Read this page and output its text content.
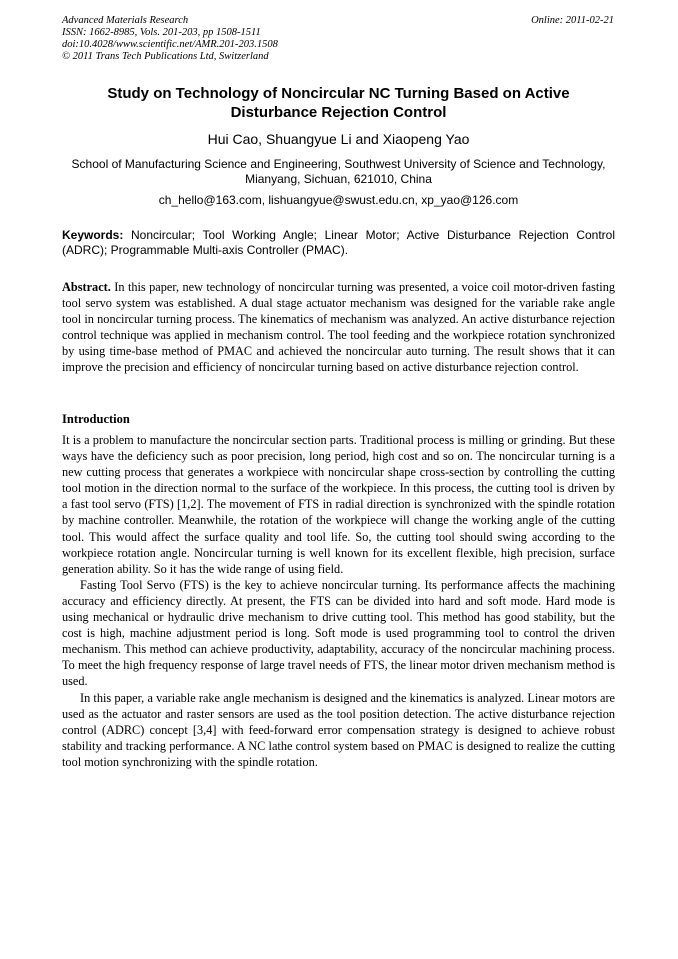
Advanced Materials Research
ISSN: 1662-8985, Vols. 201-203, pp 1508-1511
doi:10.4028/www.scientific.net/AMR.201-203.1508
© 2011 Trans Tech Publications Ltd, Switzerland
Online: 2011-02-21
Study on Technology of Noncircular NC Turning Based on Active Disturbance Rejection Control
Hui Cao, Shuangyue Li and Xiaopeng Yao
School of Manufacturing Science and Engineering, Southwest University of Science and Technology, Mianyang, Sichuan, 621010, China
ch_hello@163.com, lishuangyue@swust.edu.cn, xp_yao@126.com
Keywords: Noncircular; Tool Working Angle; Linear Motor; Active Disturbance Rejection Control (ADRC); Programmable Multi-axis Controller (PMAC).
Abstract. In this paper, new technology of noncircular turning was presented, a voice coil motor-driven fasting tool servo system was established. A dual stage actuator mechanism was designed for the variable rake angle tool in noncircular turning process. The kinematics of mechanism was analyzed. An active disturbance rejection control technique was applied in mechanism control. The tool feeding and the workpiece rotation synchronized by using time-base method of PMAC and achieved the noncircular auto turning. The result shows that it can improve the precision and efficiency of noncircular turning based on active disturbance rejection control.
Introduction

It is a problem to manufacture the noncircular section parts. Traditional process is milling or grinding. But these ways have the deficiency such as poor precision, long period, high cost and so on. The noncircular turning is a new cutting process that generates a workpiece with noncircular shape cross-section by controlling the cutting tool motion in the direction normal to the surface of the workpiece. In this process, the cutting tool is driven by a fast tool servo (FTS) [1,2]. The movement of FTS in radial direction is synchronized with the spindle rotation by machine controller. Meanwhile, the rotation of the workpiece will change the working angle of the cutting tool. This would affect the surface quality and tool life. So, the cutting tool should swing according to the workpiece rotation angle. Noncircular turning is well known for its excellent flexible, high precision, surface generation ability. So it has the wide range of using field.

Fasting Tool Servo (FTS) is the key to achieve noncircular turning. Its performance affects the machining accuracy and efficiency directly. At present, the FTS can be divided into hard and soft mode. Hard mode is using mechanical or hydraulic drive mechanism to drive cutting tool. This method has good stability, but the cost is high, machine adjustment period is long. Soft mode is used programming tool to control the driven mechanism. This method can achieve productivity, adaptability, accuracy of the noncircular machining process. To meet the high frequency response of large travel needs of FTS, the linear motor driven mechanism method is used.

In this paper, a variable rake angle mechanism is designed and the kinematics is analyzed. Linear motors are used as the actuator and raster sensors are used as the tool position detection. The active disturbance rejection control (ADRC) concept [3,4] with feed-forward error compensation strategy is designed to achieve robust stability and tracking performance. A NC lathe control system based on PMAC is designed to realize the cutting tool motion synchronizing with the spindle rotation.
